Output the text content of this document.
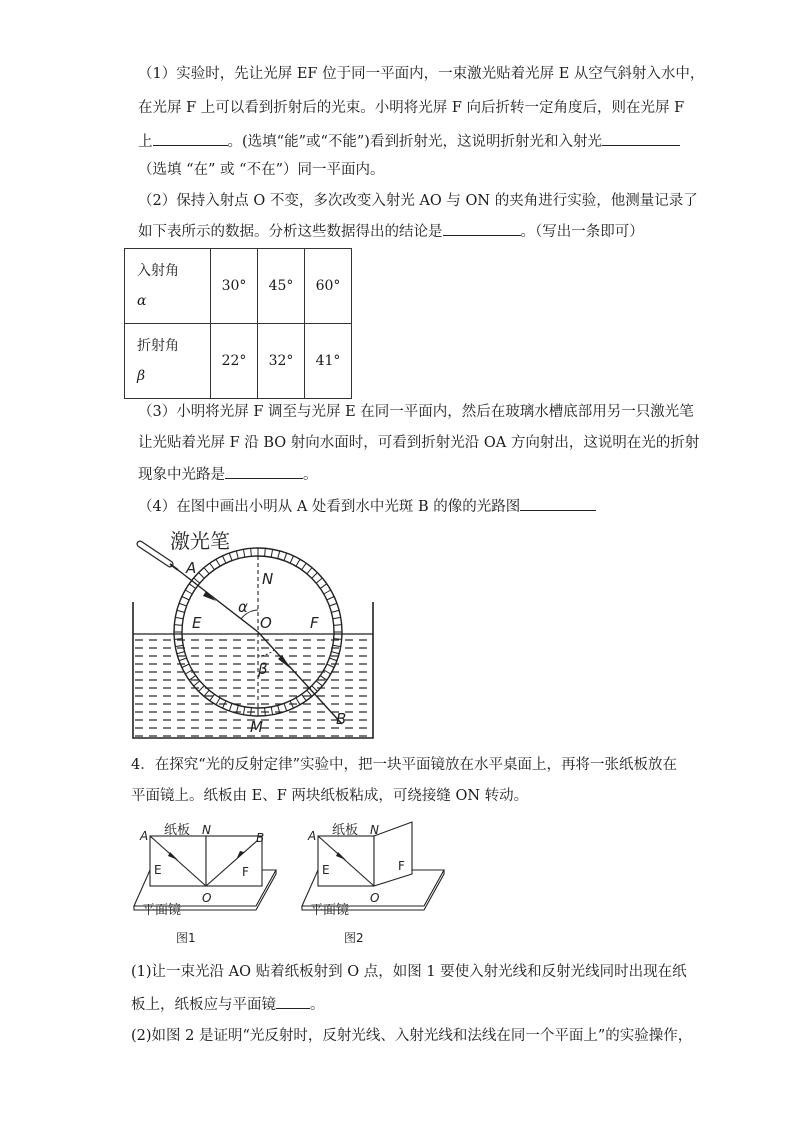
（1）实验时，先让光屏 EF 位于同一平面内，一束激光贴着光屏 E 从空气斜射入水中，
在光屏 F 上可以看到折射后的光束。小明将光屏 F 向后折转一定角度后，则在光屏 F
上	。(选填“能”或“不能”)看到折射光，这说明折射光和入射光
（选填 “在” 或 “不在”）同一平面内。
（2）保持入射点 O 不变，多次改变入射光 AO 与 ON 的夹角进行实验，他测量记录了
如下表所示的数据。分析这些数据得出的结论是	。（写出一条即可）
入射角
α	30°	45°	60°
折射角
β	22°	32°	41°
（3）小明将光屏 F 调至与光屏 E 在同一平面内，然后在玻璃水槽底部用另一只激光笔
让光贴着光屏 F 沿 BO 射向水面时，可看到折射光沿 OA 方向射出，这说明在光的折射
现象中光路是	。
（4）在图中画出小明从 A 处看到水中光斑 B 的像的光路图
激光笔
A
N
α
E	O	F
β
B
M
4．在探究“光的反射定律”实验中，把一块平面镜放在水平桌面上，再将一张纸板放在
平面镜上。纸板由 E、F 两块纸板粘成，可绕接缝 ON 转动。
A 纸板 N
B
E	F
O
平面镜
图1
A 纸板 N
E	F
O
平面镜
图2
(1)让一束光沿 AO 贴着纸板射到 O 点，如图 1 要使入射光线和反射光线同时出现在纸
板上，纸板应与平面镜 。
(2)如图 2 是证明“光反射时，反射光线、入射光线和法线在同一个平面上”的实验操作，
